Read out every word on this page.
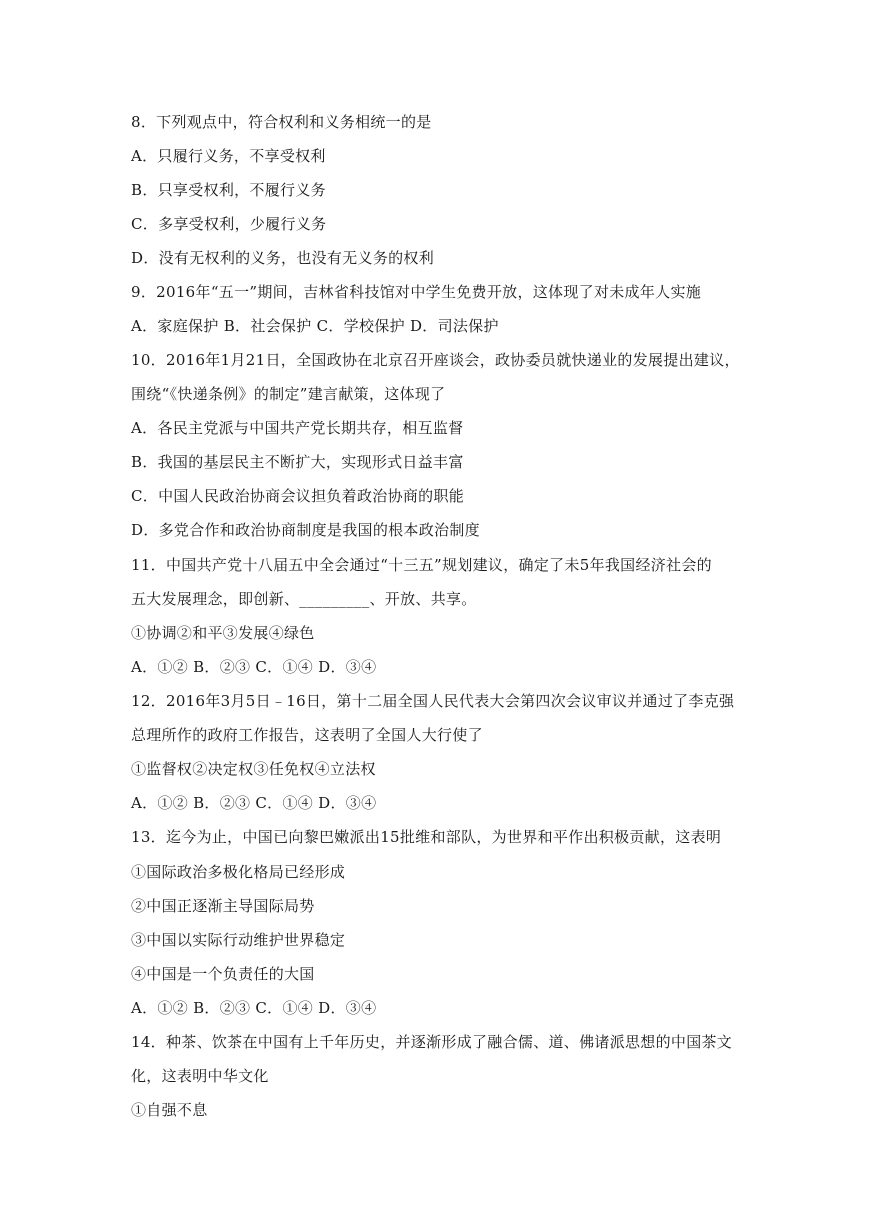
8．下列观点中，符合权利和义务相统一的是
A．只履行义务，不享受权利
B．只享受权利，不履行义务
C．多享受权利，少履行义务
D．没有无权利的义务，也没有无义务的权利
9．2016年“五一”期间，吉林省科技馆对中学生免费开放，这体现了对未成年人实施
A．家庭保护 B．社会保护 C．学校保护 D．司法保护
10．2016年1月21日，全国政协在北京召开座谈会，政协委员就快递业的发展提出建议，
围绕“《快递条例》的制定”建言献策，这体现了
A．各民主党派与中国共产党长期共存，相互监督
B．我国的基层民主不断扩大，实现形式日益丰富
C．中国人民政治协商会议担负着政治协商的职能
D．多党合作和政治协商制度是我国的根本政治制度
11．中国共产党十八届五中全会通过“十三五”规划建议，确定了未5年我国经济社会的
五大发展理念，即创新、_________、开放、共享。
①协调②和平③发展④绿色
A．①② B．②③ C．①④ D．③④
12．2016年3月5日﹣16日，第十二届全国人民代表大会第四次会议审议并通过了李克强
总理所作的政府工作报告，这表明了全国人大行使了
①监督权②决定权③任免权④立法权
A．①② B．②③ C．①④ D．③④
13．迄今为止，中国已向黎巴嫩派出15批维和部队，为世界和平作出积极贡献，这表明
①国际政治多极化格局已经形成
②中国正逐渐主导国际局势
③中国以实际行动维护世界稳定
④中国是一个负责任的大国
A．①② B．②③ C．①④ D．③④
14．种茶、饮茶在中国有上千年历史，并逐渐形成了融合儒、道、佛诸派思想的中国茶文
化，这表明中华文化
①自强不息
